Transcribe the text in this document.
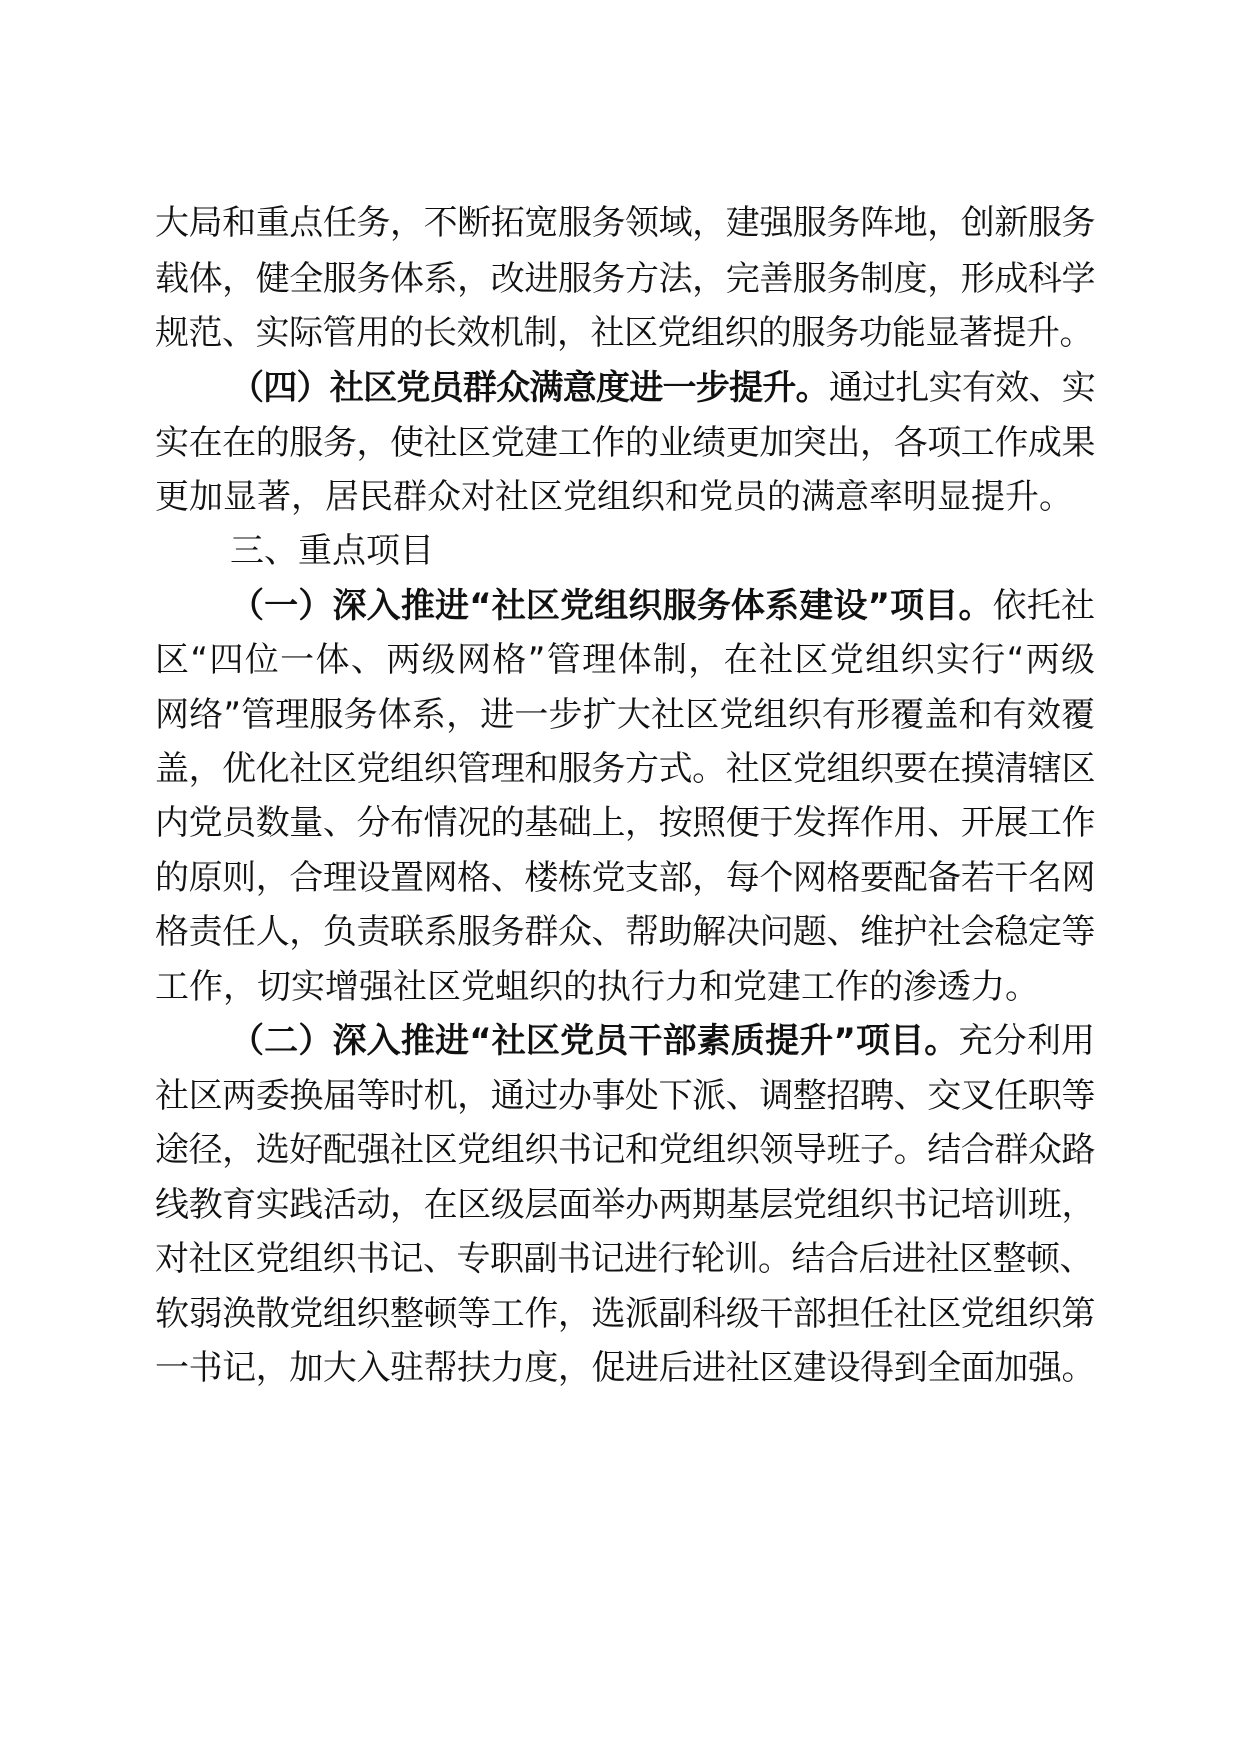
大局和重点任务，不断拓宽服务领域，建强服务阵地，创新服务
载体，健全服务体系，改进服务方法，完善服务制度，形成科学
规范、实际管用的长效机制，社区党组织的服务功能显著提升。
（四）社区党员群众满意度进一步提升。通过扎实有效、实
实在在的服务，使社区党建工作的业绩更加突出，各项工作成果
更加显著，居民群众对社区党组织和党员的满意率明显提升。
三、重点项目
（一）深入推进“社区党组织服务体系建设”项目。依托社
区“四位一体、两级网格”管理体制，在社区党组织实行“两级
网络”管理服务体系，进一步扩大社区党组织有形覆盖和有效覆
盖，优化社区党组织管理和服务方式。社区党组织要在摸清辖区
内党员数量、分布情况的基础上，按照便于发挥作用、开展工作
的原则，合理设置网格、楼栋党支部，每个网格要配备若干名网
格责任人，负责联系服务群众、帮助解决问题、维护社会稳定等
工作，切实增强社区党蛆织的执行力和党建工作的渗透力。
（二）深入推进“社区党员干部素质提升”项目。充分利用
社区两委换届等时机，通过办事处下派、调整招聘、交叉任职等
途径，选好配强社区党组织书记和党组织领导班子。结合群众路
线教育实践活动，在区级层面举办两期基层党组织书记培训班，
对社区党组织书记、专职副书记进行轮训。结合后进社区整顿、
软弱涣散党组织整顿等工作，选派副科级干部担任社区党组织第
一书记，加大入驻帮扶力度，促进后进社区建设得到全面加强。
